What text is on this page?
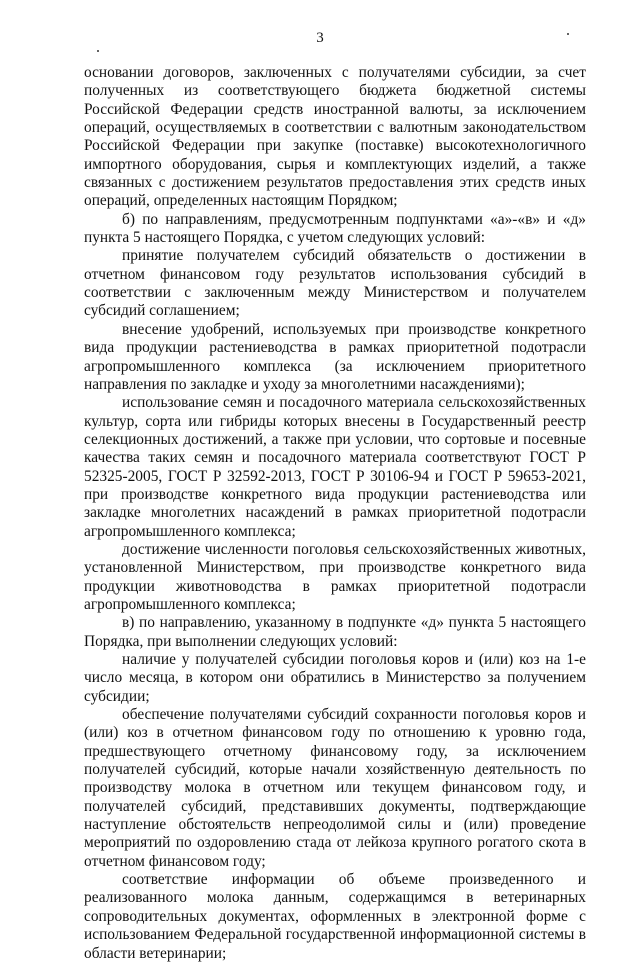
3

основании договоров, заключенных с получателями субсидии, за счет полученных из соответствующего бюджета бюджетной системы Российской Федерации средств иностранной валюты, за исключением операций, осуществляемых в соответствии с валютным законодательством Российской Федерации при закупке (поставке) высокотехнологичного импортного оборудования, сырья и комплектующих изделий, а также связанных с достижением результатов предоставления этих средств иных операций, определенных настоящим Порядком;

б) по направлениям, предусмотренным подпунктами «а»-«в» и «д» пункта 5 настоящего Порядка, с учетом следующих условий:

принятие получателем субсидий обязательств о достижении в отчетном финансовом году результатов использования субсидий в соответствии с заключенным между Министерством и получателем субсидий соглашением;

внесение удобрений, используемых при производстве конкретного вида продукции растениеводства в рамках приоритетной подотрасли агропромышленного комплекса (за исключением приоритетного направления по закладке и уходу за многолетними насаждениями);

использование семян и посадочного материала сельскохозяйственных культур, сорта или гибриды которых внесены в Государственный реестр селекционных достижений, а также при условии, что сортовые и посевные качества таких семян и посадочного материала соответствуют ГОСТ Р 52325-2005, ГОСТ Р 32592-2013, ГОСТ Р 30106-94 и ГОСТ Р 59653-2021, при производстве конкретного вида продукции растениеводства или закладке многолетних насаждений в рамках приоритетной подотрасли агропромышленного комплекса;

достижение численности поголовья сельскохозяйственных животных, установленной Министерством, при производстве конкретного вида продукции животноводства в рамках приоритетной подотрасли агропромышленного комплекса;

в) по направлению, указанному в подпункте «д» пункта 5 настоящего Порядка, при выполнении следующих условий:

наличие у получателей субсидии поголовья коров и (или) коз на 1-е число месяца, в котором они обратились в Министерство за получением субсидии;

обеспечение получателями субсидий сохранности поголовья коров и (или) коз в отчетном финансовом году по отношению к уровню года, предшествующего отчетному финансовому году, за исключением получателей субсидий, которые начали хозяйственную деятельность по производству молока в отчетном или текущем финансовом году, и получателей субсидий, представивших документы, подтверждающие наступление обстоятельств непреодолимой силы и (или) проведение мероприятий по оздоровлению стада от лейкоза крупного рогатого скота в отчетном финансовом году;

соответствие информации об объеме произведенного и реализованного молока данным, содержащимся в ветеринарных сопроводительных документах, оформленных в электронной форме с использованием Федеральной государственной информационной системы в области ветеринарии;
